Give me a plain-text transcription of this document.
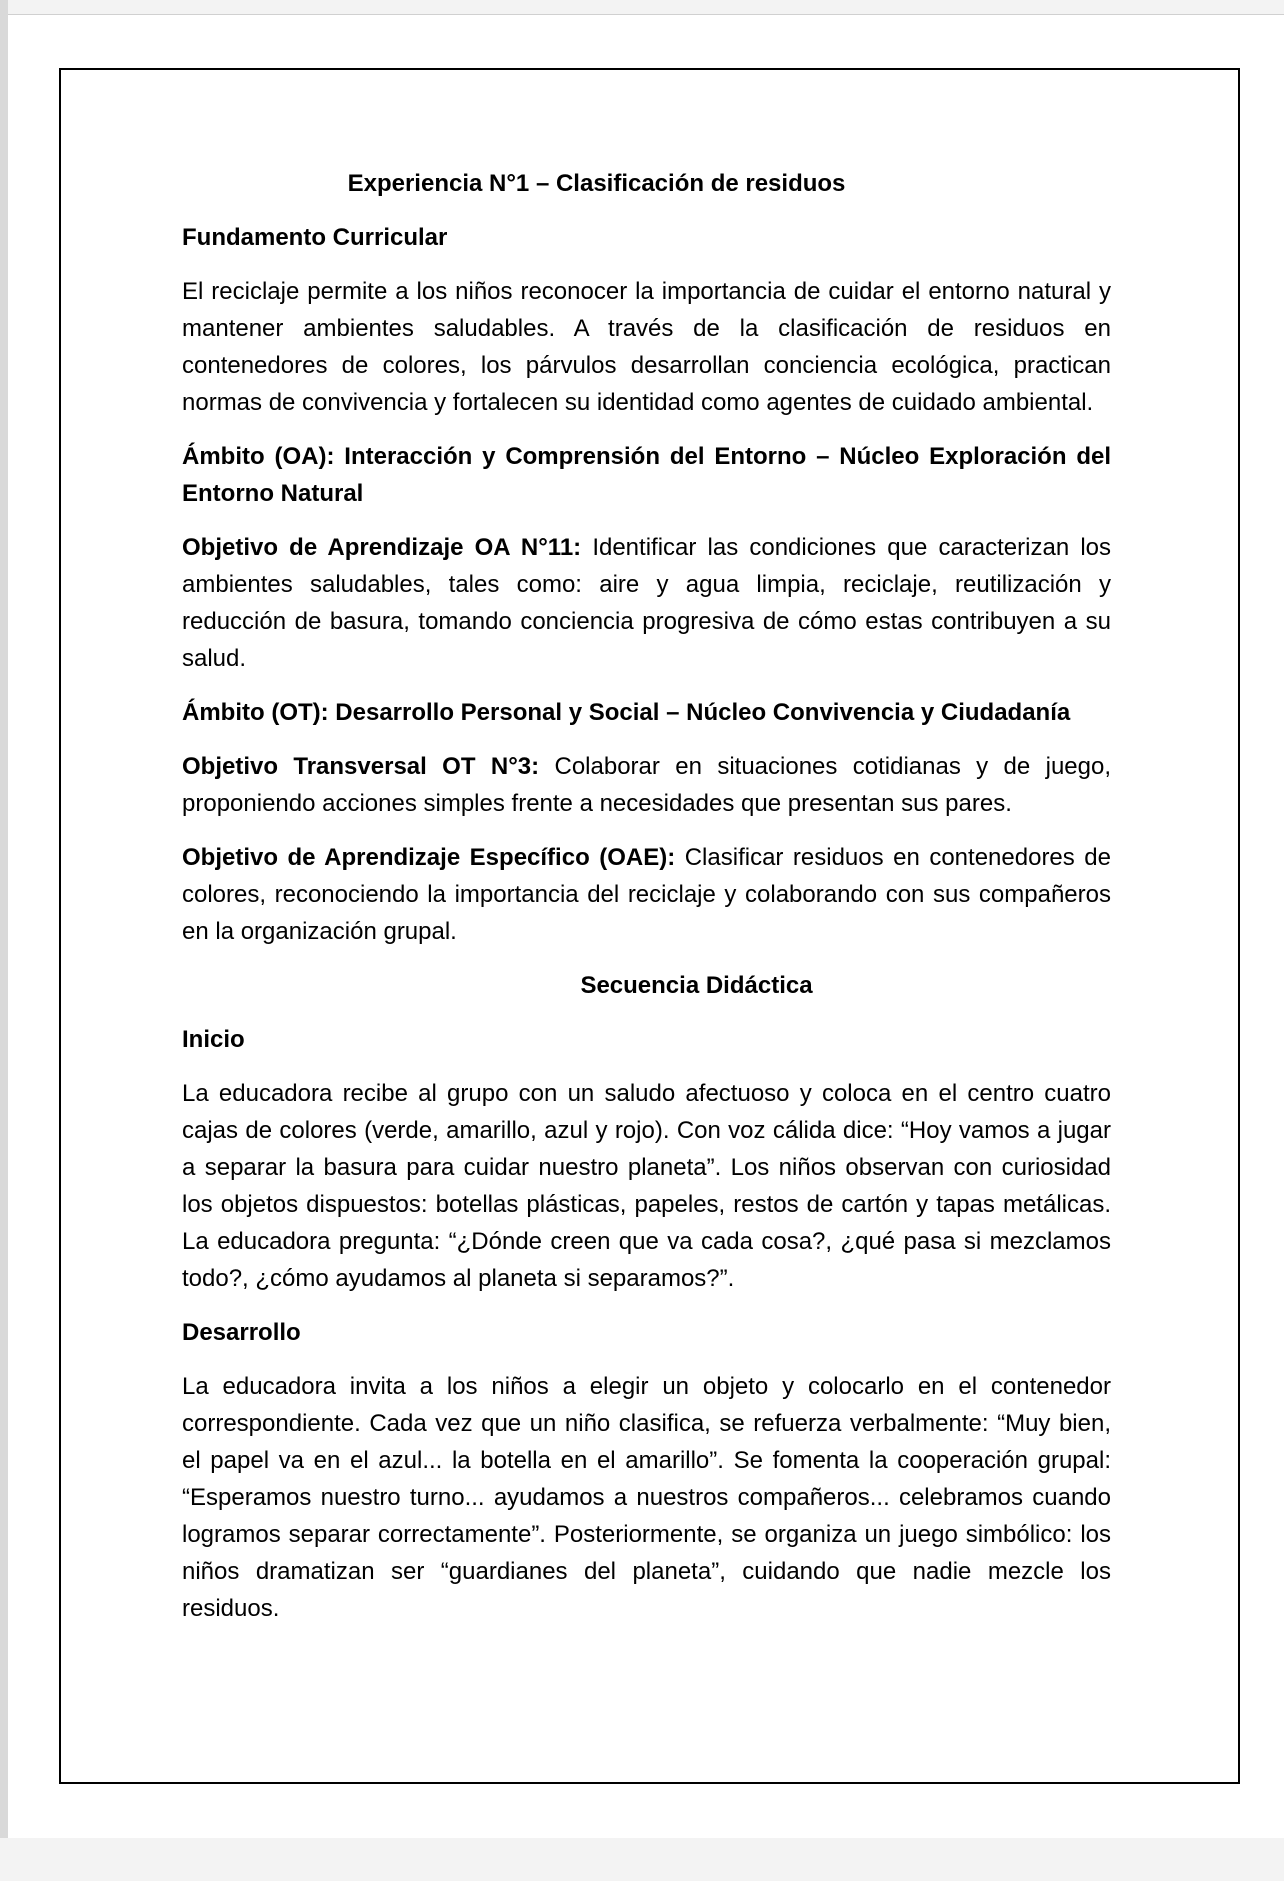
Experiencia N°1 – Clasificación de residuos
Fundamento Curricular

El reciclaje permite a los niños reconocer la importancia de cuidar el entorno natural y mantener ambientes saludables. A través de la clasificación de residuos en contenedores de colores, los párvulos desarrollan conciencia ecológica, practican normas de convivencia y fortalecen su identidad como agentes de cuidado ambiental.

Ámbito (OA): Interacción y Comprensión del Entorno – Núcleo Exploración del Entorno Natural

Objetivo de Aprendizaje OA N°11: Identificar las condiciones que caracterizan los ambientes saludables, tales como: aire y agua limpia, reciclaje, reutilización y reducción de basura, tomando conciencia progresiva de cómo estas contribuyen a su salud.

Ámbito (OT): Desarrollo Personal y Social – Núcleo Convivencia y Ciudadanía

Objetivo Transversal OT N°3: Colaborar en situaciones cotidianas y de juego, proponiendo acciones simples frente a necesidades que presentan sus pares.

Objetivo de Aprendizaje Específico (OAE): Clasificar residuos en contenedores de colores, reconociendo la importancia del reciclaje y colaborando con sus compañeros en la organización grupal.

Secuencia Didáctica
Inicio

La educadora recibe al grupo con un saludo afectuoso y coloca en el centro cuatro cajas de colores (verde, amarillo, azul y rojo). Con voz cálida dice: “Hoy vamos a jugar a separar la basura para cuidar nuestro planeta”. Los niños observan con curiosidad los objetos dispuestos: botellas plásticas, papeles, restos de cartón y tapas metálicas. La educadora pregunta: “¿Dónde creen que va cada cosa?, ¿qué pasa si mezclamos todo?, ¿cómo ayudamos al planeta si separamos?”.

Desarrollo

La educadora invita a los niños a elegir un objeto y colocarlo en el contenedor correspondiente. Cada vez que un niño clasifica, se refuerza verbalmente: “Muy bien, el papel va en el azul... la botella en el amarillo”. Se fomenta la cooperación grupal: “Esperamos nuestro turno... ayudamos a nuestros compañeros... celebramos cuando logramos separar correctamente”. Posteriormente, se organiza un juego simbólico: los niños dramatizan ser “guardianes del planeta”, cuidando que nadie mezcle los residuos.
